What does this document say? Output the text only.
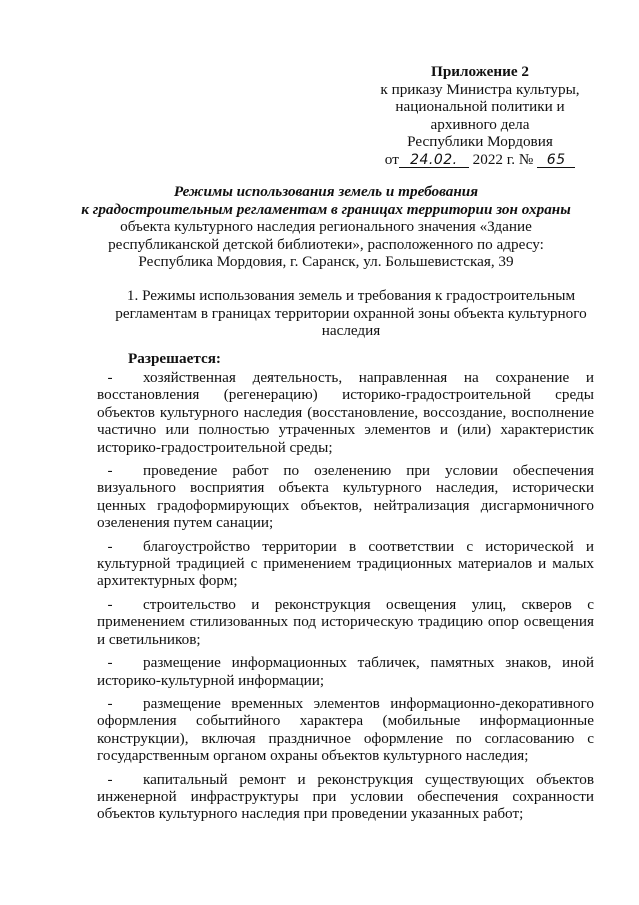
Приложение 2
к приказу Министра культуры,
национальной политики и
архивного дела
Республики Мордовия
от 24.02. 2022 г. № 65
Режимы использования земель и требования
к градостроительным регламентам в границах территории зон охраны
объекта культурного наследия регионального значения «Здание
республиканской детской библиотеки», расположенного по адресу:
Республика Мордовия, г. Саранск, ул. Большевистская, 39
1. Режимы использования земель и требования к градостроительным регламентам в границах территории охранной зоны объекта культурного наследия
Разрешается:

-	хозяйственная деятельность, направленная на сохранение и восстановления (регенерацию) историко-градостроительной среды объектов культурного наследия (восстановление, воссоздание, восполнение частично или полностью утраченных элементов и (или) характеристик историко-градостроительной среды;

-	проведение работ по озеленению при условии обеспечения визуального восприятия объекта культурного наследия, исторически ценных градоформирующих объектов, нейтрализация дисгармоничного озеленения путем санации;

-	благоустройство территории в соответствии с исторической и культурной традицией с применением традиционных материалов и малых архитектурных форм;

-	строительство и реконструкция освещения улиц, скверов с применением стилизованных под историческую традицию опор освещения и светильников;

-	размещение информационных табличек, памятных знаков, иной историко-культурной информации;

-	размещение временных элементов информационно-декоративного оформления событийного характера (мобильные информационные конструкции), включая праздничное оформление по согласованию с государственным органом охраны объектов культурного наследия;

-	капитальный ремонт и реконструкция существующих объектов инженерной инфраструктуры при условии обеспечения сохранности объектов культурного наследия при проведении указанных работ;
